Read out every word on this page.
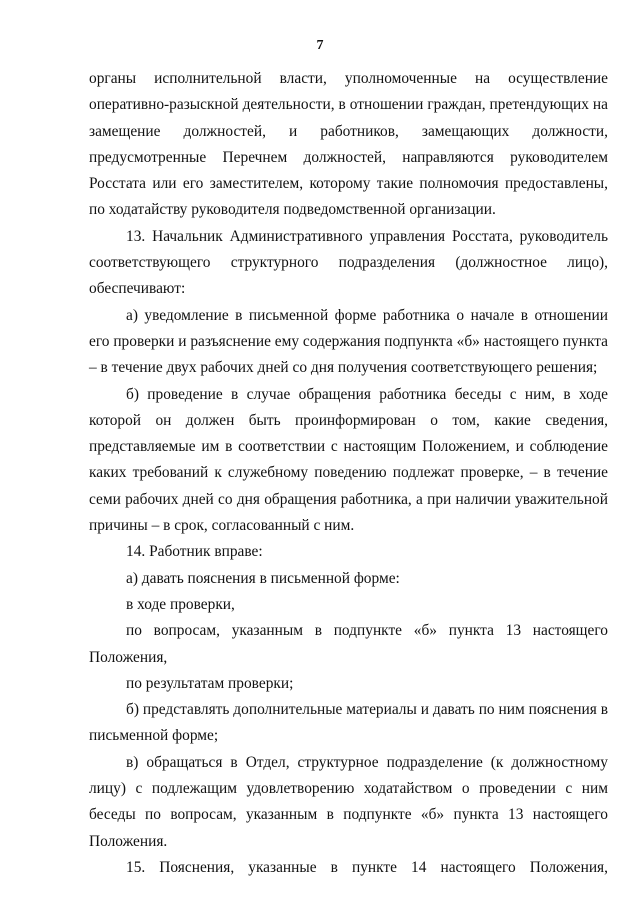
7

органы исполнительной власти, уполномоченные на осуществление оперативно-разыскной деятельности, в отношении граждан, претендующих на замещение должностей, и работников, замещающих должности, предусмотренные Перечнем должностей, направляются руководителем Росстата или его заместителем, которому такие полномочия предоставлены, по ходатайству руководителя подведомственной организации.

13. Начальник Административного управления Росстата, руководитель соответствующего структурного подразделения (должностное лицо), обеспечивают:

а) уведомление в письменной форме работника о начале в отношении его проверки и разъяснение ему содержания подпункта «б» настоящего пункта – в течение двух рабочих дней со дня получения соответствующего решения;

б) проведение в случае обращения работника беседы с ним, в ходе которой он должен быть проинформирован о том, какие сведения, представляемые им в соответствии с настоящим Положением, и соблюдение каких требований к служебному поведению подлежат проверке, – в течение семи рабочих дней со дня обращения работника, а при наличии уважительной причины – в срок, согласованный с ним.

14. Работник вправе:

а) давать пояснения в письменной форме:

в ходе проверки,

по вопросам, указанным в подпункте «б» пункта 13 настоящего Положения,

по результатам проверки;

б) представлять дополнительные материалы и давать по ним пояснения в письменной форме;

в) обращаться в Отдел, структурное подразделение (к должностному лицу) с подлежащим удовлетворению ходатайством о проведении с ним беседы по вопросам, указанным в подпункте «б» пункта 13 настоящего Положения.

15. Пояснения, указанные в пункте 14 настоящего Положения,
